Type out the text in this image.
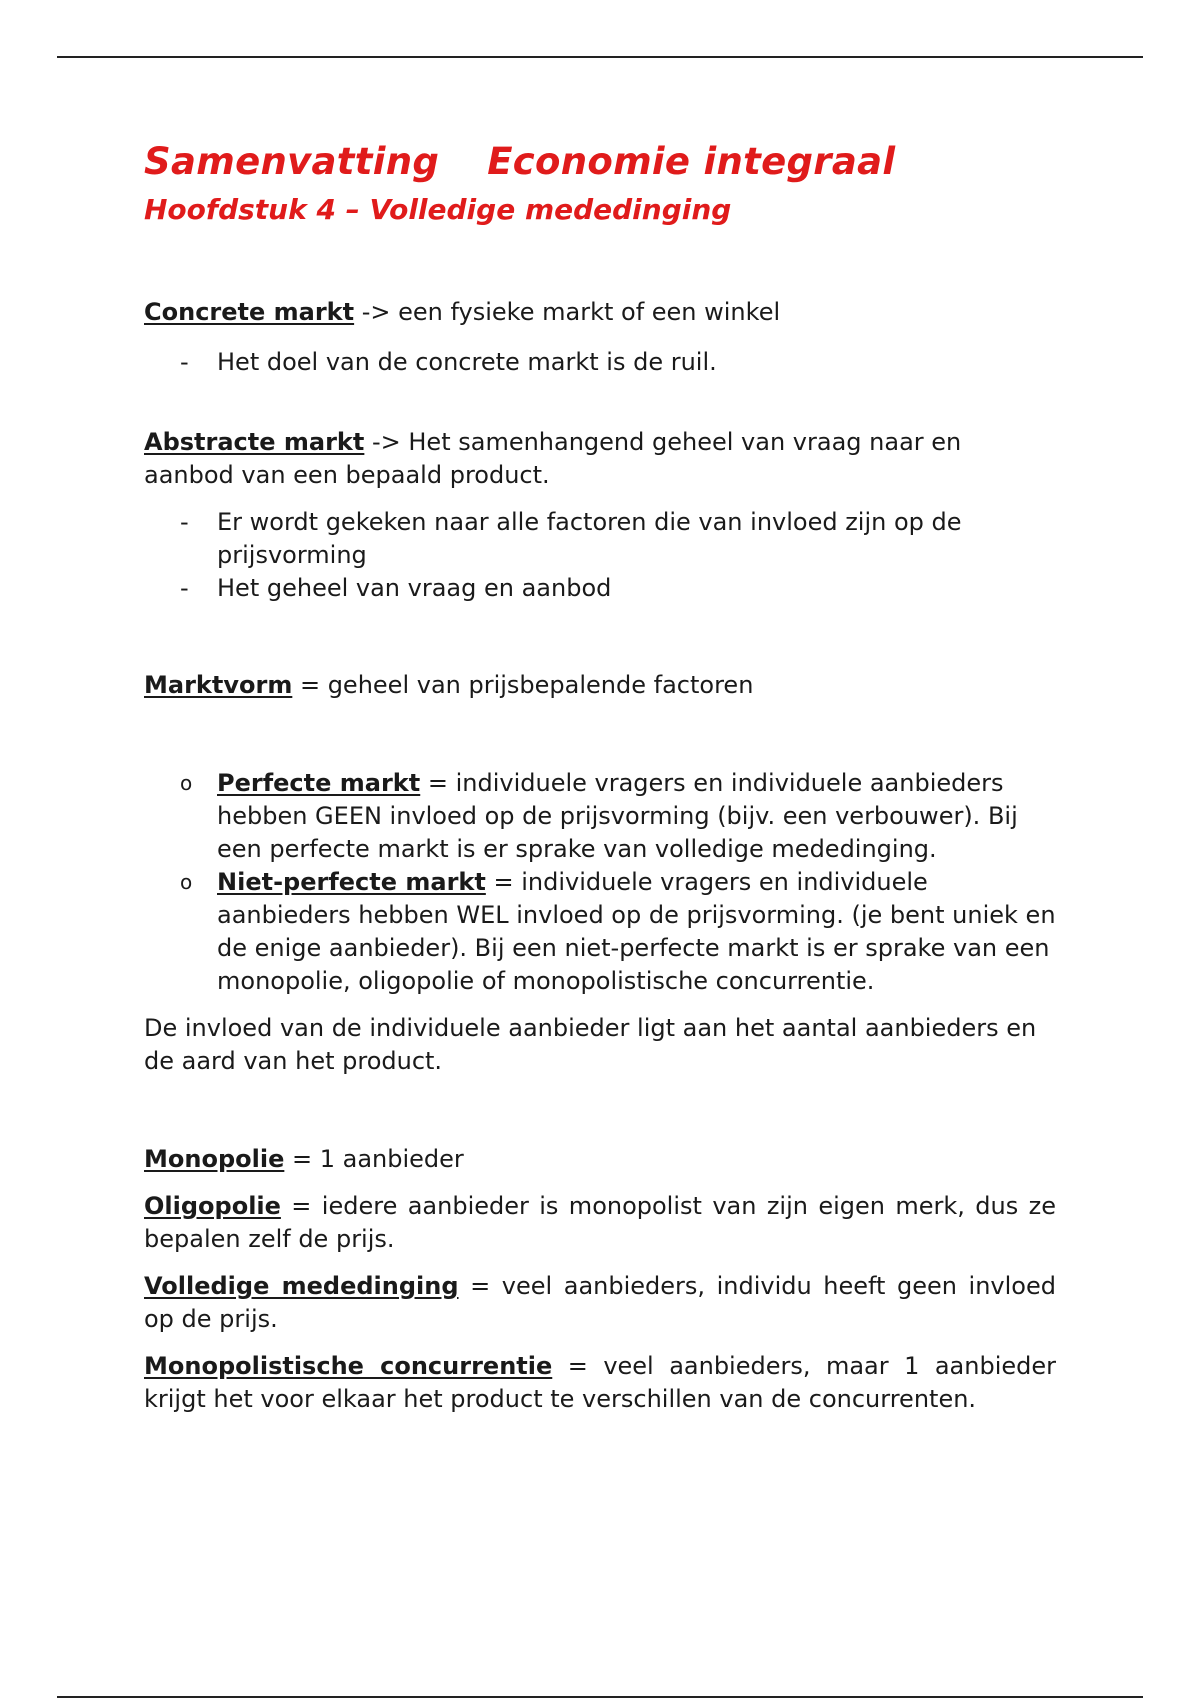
Samenvatting Economie integraal
Hoofdstuk 4 – Volledige mededinging

Concrete markt -> een fysieke markt of een winkel

- Het doel van de concrete markt is de ruil.

Abstracte markt -> Het samenhangend geheel van vraag naar en aanbod van een bepaald product.

- Er wordt gekeken naar alle factoren die van invloed zijn op de prijsvorming
- Het geheel van vraag en aanbod

Marktvorm = geheel van prijsbepalende factoren

o Perfecte markt = individuele vragers en individuele aanbieders hebben GEEN invloed op de prijsvorming (bijv. een verbouwer). Bij een perfecte markt is er sprake van volledige mededinging.
o Niet-perfecte markt = individuele vragers en individuele aanbieders hebben WEL invloed op de prijsvorming. (je bent uniek en de enige aanbieder). Bij een niet-perfecte markt is er sprake van een monopolie, oligopolie of monopolistische concurrentie.

De invloed van de individuele aanbieder ligt aan het aantal aanbieders en de aard van het product.

Monopolie = 1 aanbieder

Oligopolie = iedere aanbieder is monopolist van zijn eigen merk, dus ze bepalen zelf de prijs.

Volledige mededinging = veel aanbieders, individu heeft geen invloed op de prijs.

Monopolistische concurrentie = veel aanbieders, maar 1 aanbieder krijgt het voor elkaar het product te verschillen van de concurrenten.
